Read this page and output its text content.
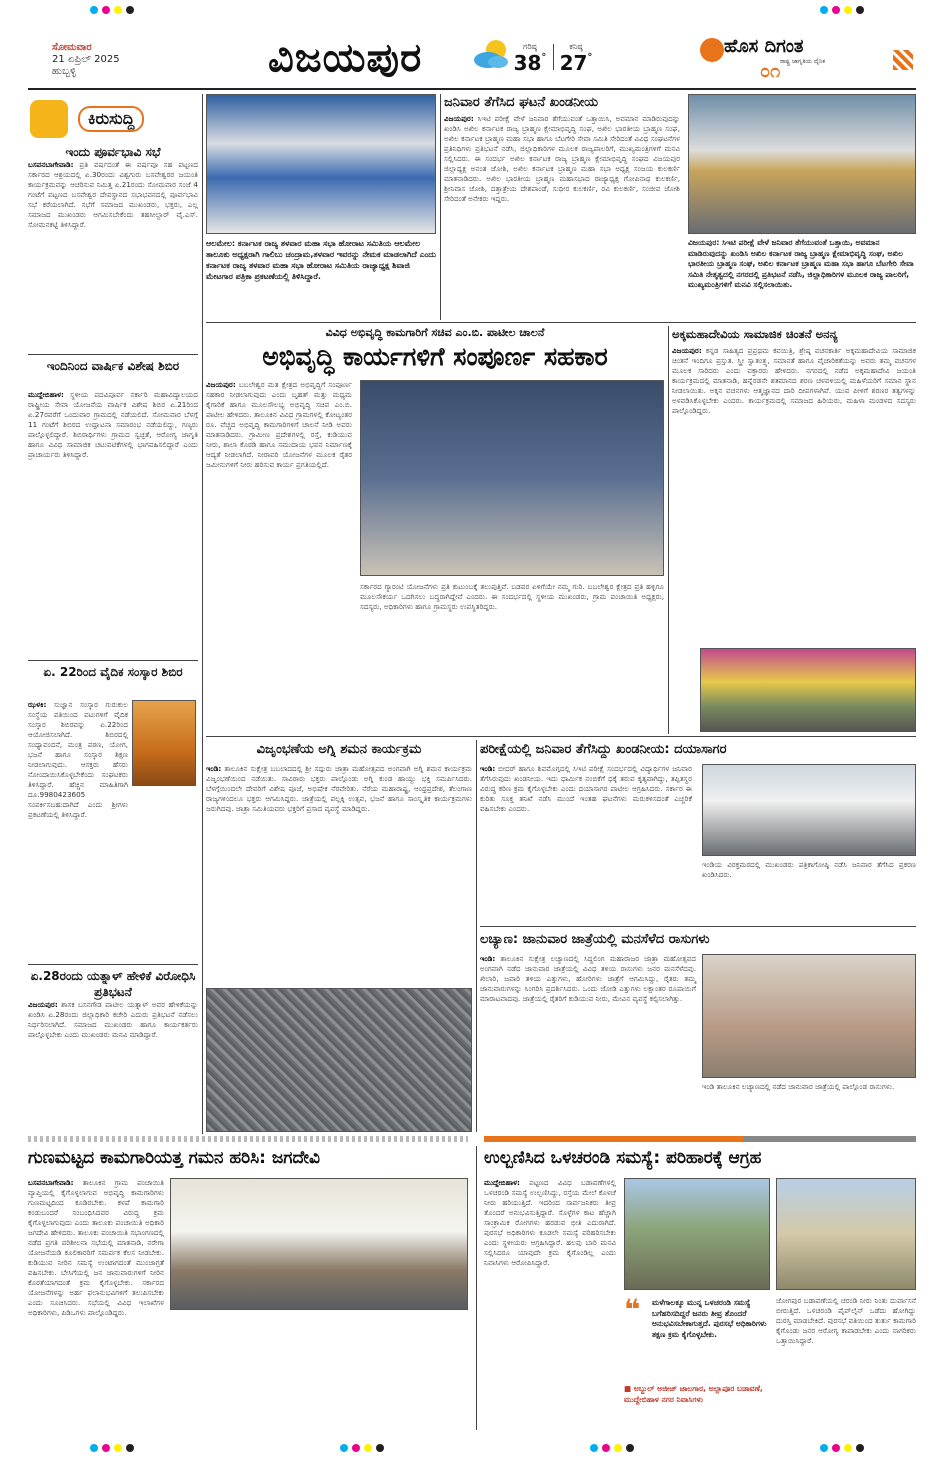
ಸೋಮವಾರ
21 ಏಪ್ರಿಲ್ 2025
ಹುಬ್ಬಳ್ಳಿ	ವಿಜಯಪುರ	ಗರಿಷ್ಠ
38 °
ಕನಿಷ್ಠ
27 °
ಹೊಸ ದಿಗಂತ
ರಾಷ್ಟ್ರ ಜಾಗೃತಿಯ ದೈನಿಕ
೦೧
ಕಿರುಸುದ್ದಿ
ಇಂದು ಪೂರ್ವಭಾವಿ ಸಭೆ
ಬಸವನಬಾಗೇವಾಡಿ: ಪ್ರತಿ ವರ್ಷದಂತೆ ಈ ವರ್ಷವೂ ಸಹ ಪಟ್ಟಣದ ಸರ್ಕಾರದ ಆಶ್ರಯದಲ್ಲಿ ಏ.30ರಂದು ವಿಶ್ವಗುರು ಬಸವೇಶ್ವರರ ಜಯಂತಿ ಕಾರ್ಯಕ್ರಮವನ್ನು ಆಚರಿಸುವ ನಿಮಿತ್ತ ಏ.21ರಂದು ಸೋಮವಾರ ಸಂಜೆ 4 ಗಂಟೆಗೆ ಪಟ್ಟಣದ ಬಸವೇಶ್ವರ ದೇವಸ್ಥಾನದ ಸಭಾಭವನದಲ್ಲಿ ಪೂರ್ವಭಾವಿ ಸಭೆ ಕರೆಯಲಾಗಿದೆ. ಸಭೆಗೆ ಸಮಾಜದ ಮುಖಂಡರು, ಭಕ್ತರು, ಎಲ್ಲ ಸಮಾಜದ ಮುಖಂಡರು ಆಗಮಿಸಬೇಕೆಂದು ತಹಸೀಲ್ದಾರ್ ವೈ.ಎಸ್. ಸೋಮನಕಟ್ಟಿ ತಿಳಿಸಿದ್ದಾರೆ.
ಇಂದಿನಿಂದ ವಾರ್ಷಿಕ ವಿಶೇಷ ಶಿಬಿರ
ಮುದ್ದೇಬಿಹಾಳ: ಸ್ಥಳೀಯ ಪದವಿಪೂರ್ವ ಸರ್ಕಾರಿ ಮಹಾವಿದ್ಯಾಲಯದ ರಾಷ್ಟ್ರೀಯ ಸೇವಾ ಯೋಜನೆಯ ವಾರ್ಷಿಕ ವಿಶೇಷ ಶಿಬಿರ ಏ.21ರಿಂದ ಏ.27ರವರೆಗೆ ಒಂದುವಾರ ಗ್ರಾಮದಲ್ಲಿ ನಡೆಯಲಿದೆ. ಸೋಮವಾರ ಬೆಳಗ್ಗೆ 11 ಗಂಟೆಗೆ ಶಿಬಿರದ ಉದ್ಘಾಟನಾ ಸಮಾರಂಭ ನಡೆಯಲಿದ್ದು, ಗಣ್ಯರು ಪಾಲ್ಗೊಳ್ಳಲಿದ್ದಾರೆ. ಶಿಬಿರಾರ್ಥಿಗಳು ಗ್ರಾಮದ ಸ್ವಚ್ಛತೆ, ಆರೋಗ್ಯ ಜಾಗೃತಿ ಹಾಗೂ ವಿವಿಧ ಸಾಮಾಜಿಕ ಚಟುವಟಿಕೆಗಳಲ್ಲಿ ಭಾಗವಹಿಸಲಿದ್ದಾರೆ ಎಂದು ಪ್ರಾಚಾರ್ಯರು ತಿಳಿಸಿದ್ದಾರೆ.
ಏ. 22ರಿಂದ ವೈದಿಕ ಸಂಸ್ಕಾರ ಶಿಬಿರ
ಝಳಕಿ: ಸುಜ್ಞಾನ ಸಂಸ್ಕಾರ ಗುರುಕುಲ ಸಂಸ್ಥೆಯ ವತಿಯಿಂದ ವಟುಗಳಿಗೆ ವೈದಿಕ ಸಂಸ್ಕಾರ ಶಿಬಿರವನ್ನು ಏ.22ರಿಂದ ಆಯೋಜಿಸಲಾಗಿದೆ. ಶಿಬಿರದಲ್ಲಿ ಸಂಧ್ಯಾವಂದನೆ, ಮಂತ್ರ ಪಠಣ, ಯೋಗ, ಭಜನೆ ಹಾಗೂ ಸಂಸ್ಕಾರ ಶಿಕ್ಷಣ ನೀಡಲಾಗುವುದು. ಆಸಕ್ತರು ಹೆಸರು ನೋಂದಾಯಿಸಿಕೊಳ್ಳಬೇಕೆಂದು ಸಂಘಟಕರು ತಿಳಿಸಿದ್ದಾರೆ. ಹೆಚ್ಚಿನ ಮಾಹಿತಿಗಾಗಿ ದೂ.9980423605 ಸಂಪರ್ಕಿಸಬಹುದಾಗಿದೆ ಎಂದು ಶ್ರೀಗಳು ಪ್ರಕಟಣೆಯಲ್ಲಿ ತಿಳಿಸಿದ್ದಾರೆ.
ಏ.28ರಂದು ಯತ್ನಾಳ್ ಹೇಳಿಕೆ ವಿರೋಧಿಸಿ ಪ್ರತಿಭಟನೆ
ವಿಜಯಪುರ: ಶಾಸಕ ಬಸನಗೌಡ ಪಾಟೀಲ ಯತ್ನಾಳ್ ಅವರ ಹೇಳಿಕೆಯನ್ನು ಖಂಡಿಸಿ ಏ.28ರಂದು ಜಿಲ್ಲಾಧಿಕಾರಿ ಕಚೇರಿ ಎದುರು ಪ್ರತಿಭಟನೆ ನಡೆಸಲು ನಿರ್ಧರಿಸಲಾಗಿದೆ. ಸಮಾಜದ ಮುಖಂಡರು ಹಾಗೂ ಕಾರ್ಯಕರ್ತರು ಪಾಲ್ಗೊಳ್ಳಬೇಕು ಎಂದು ಮುಖಂಡರು ಮನವಿ ಮಾಡಿದ್ದಾರೆ.
ಆಲಮೇಲ: ಕರ್ನಾಟಕ ರಾಜ್ಯ ತಳವಾರ ಮಹಾ ಸಭಾ ಹೋರಾಟ ಸಮಿತಿಯ ಆಲಮೇಲ ತಾಲೂಕು ಅಧ್ಯಕ್ಷರಾಗಿ ಗಾಲಿಬು ಚಂದ್ರಾಮ,ತಳವಾರ ಇವರನ್ನು ನೇಮಕ ಮಾಡಲಾಗಿದೆ ಎಂದು ಕರ್ನಾಟಕ ರಾಜ್ಯ ತಳವಾರ ಮಹಾ ಸಭಾ ಹೋರಾಟ ಸಮಿತಿಯ ರಾಜ್ಯಾಧ್ಯಕ್ಷ ಶಿವಾಜಿ ಮೇಟಗಾರ ಪತ್ರಿಕಾ ಪ್ರಕಟಣೆಯಲ್ಲಿ ತಿಳಿಸಿದ್ದಾರೆ.
ಜನಿವಾರ ತೆಗೆಸಿದ ಘಟನೆ ಖಂಡನೀಯ
ವಿಜಯಪುರ: ಸಿಇಟಿ ಪರೀಕ್ಷೆ ವೇಳೆ ಜನಿವಾರ ತೆಗೆಯುವಂತೆ ಒತ್ತಾಯಿಸಿ, ಅವಮಾನ ಮಾಡಿರುವುದನ್ನು ಖಂಡಿಸಿ ಅಖಿಲ ಕರ್ನಾಟಕ ರಾಜ್ಯ ಬ್ರಾಹ್ಮಣ ಕ್ಷೇಮಾಭಿವೃದ್ಧಿ ಸಂಘ, ಅಖಿಲ ಭಾರತೀಯ ಬ್ರಾಹ್ಮಣ ಸಂಘ, ಅಖಿಲ ಕರ್ನಾಟಕ ಬ್ರಾಹ್ಮಣ ಮಹಾ ಸಭಾ ಹಾಗೂ ಬೆಟಗೇರಿ ಸೇವಾ ಸಮಿತಿ ಸೇರಿದಂತೆ ವಿವಿಧ ಸಂಘಟನೆಗಳ ಪ್ರತಿನಿಧಿಗಳು ಪ್ರತಿಭಟನೆ ನಡೆಸಿ, ಜಿಲ್ಲಾಧಿಕಾರಿಗಳ ಮೂಲಕ ರಾಜ್ಯಪಾಲರಿಗೆ, ಮುಖ್ಯಮಂತ್ರಿಗಳಿಗೆ ಮನವಿ ಸಲ್ಲಿಸಿದರು. ಈ ಸಂದರ್ಭ ಅಖಿಲ ಕರ್ನಾಟಕ ರಾಜ್ಯ ಬ್ರಾಹ್ಮಣ ಕ್ಷೇಮಾಭಿವೃದ್ಧಿ ಸಂಘದ ವಿಜಯಪುರ ಜಿಲ್ಲಾಧ್ಯಕ್ಷ ಅನಂತ ಜೋಶಿ, ಅಖಿಲ ಕರ್ನಾಟಕ ಬ್ರಾಹ್ಮಣ ಮಹಾ ಸಭಾ ಅಧ್ಯಕ್ಷ ಸಂಜಯ ಕುಲಕರ್ಣಿ ಮಾತನಾಡಿದರು. ಅಖಿಲ ಭಾರತೀಯ ಬ್ರಾಹ್ಮಣ ಮಹಾಸಭಾದ ರಾಜ್ಯಾಧ್ಯಕ್ಷ ಗೋಪಿನಾಥ ಕುಲಕರ್ಣಿ, ಶ್ರೀನಿವಾಸ ಜೋಶಿ, ದತ್ತಾತ್ರೇಯ ದೇಶಪಾಂಡೆ, ಸುಧೀರ ಕುಲಕರ್ಣಿ, ರವಿ ಕುಲಕರ್ಣಿ, ಸಂಜೀವ ಜೋಶಿ ಸೇರಿದಂತೆ ಅನೇಕರು ಇದ್ದರು.
ವಿಜಯಪುರ: ಸಿಇಟಿ ಪರೀಕ್ಷೆ ವೇಳೆ ಜನಿವಾರ ತೆಗೆಯುವಂತೆ ಒತ್ತಾಯಿ, ಅವಮಾನ ಮಾಡಿರುವುದನ್ನು ಖಂಡಿಸಿ ಅಖಿಲ ಕರ್ನಾಟಕ ರಾಜ್ಯ ಬ್ರಾಹ್ಮಣ ಕ್ಷೇಮಾಭಿವೃದ್ಧಿ ಸಂಘ, ಅಖಿಲ ಭಾರತೀಯ ಬ್ರಾಹ್ಮಣ ಸಂಘ, ಅಖಿಲ ಕರ್ನಾಟಕ ಬ್ರಾಹ್ಮಣ ಮಹಾ ಸಭಾ ಹಾಗೂ ಬೆಟಗೇರಿ ಸೇವಾ ಸಮಿತಿ ನೇತೃತ್ವದಲ್ಲಿ ನಗರದಲ್ಲಿ ಪ್ರತಿಭಟನೆ ನಡೆಸಿ, ಜಿಲ್ಲಾಧಿಕಾರಿಗಳ ಮೂಲಕ ರಾಜ್ಯ ಪಾಲರಿಗೆ, ಮುಖ್ಯಮಂತ್ರಿಗಳಿಗೆ ಮನವಿ ಸಲ್ಲಿಸಲಾಯಿತು.
ವಿವಿಧ ಅಭಿವೃದ್ಧಿ ಕಾಮಗಾರಿಗೆ ಸಚಿವ ಎಂ.ಬಿ. ಪಾಟೀಲ ಚಾಲನೆ
ಅಭಿವೃದ್ಧಿ ಕಾರ್ಯಗಳಿಗೆ ಸಂಪೂರ್ಣ ಸಹಕಾರ
ವಿಜಯಪುರ: ಬಬಲೇಶ್ವರ ಮತ ಕ್ಷೇತ್ರದ ಅಭಿವೃದ್ಧಿಗೆ ಸಂಪೂರ್ಣ ಸಹಕಾರ ನೀಡಲಾಗುವುದು ಎಂದು ಬೃಹತ್ ಮತ್ತು ಮಧ್ಯಮ ಕೈಗಾರಿಕೆ ಹಾಗೂ ಮೂಲಸೌಲಭ್ಯ ಅಭಿವೃದ್ಧಿ ಸಚಿವ ಎಂ.ಬಿ. ಪಾಟೀಲ ಹೇಳಿದರು. ತಾಲೂಕಿನ ವಿವಿಧ ಗ್ರಾಮಗಳಲ್ಲಿ ಕೋಟ್ಯಂತರ ರೂ. ವೆಚ್ಚದ ಅಭಿವೃದ್ಧಿ ಕಾಮಗಾರಿಗಳಿಗೆ ಚಾಲನೆ ನೀಡಿ ಅವರು ಮಾತನಾಡಿದರು. ಗ್ರಾಮೀಣ ಪ್ರದೇಶಗಳಲ್ಲಿ ರಸ್ತೆ, ಕುಡಿಯುವ ನೀರು, ಶಾಲಾ ಕೊಠಡಿ ಹಾಗೂ ಸಮುದಾಯ ಭವನ ನಿರ್ಮಾಣಕ್ಕೆ ಆದ್ಯತೆ ನೀಡಲಾಗಿದೆ. ನೀರಾವರಿ ಯೋಜನೆಗಳ ಮೂಲಕ ರೈತರ ಜಮೀನುಗಳಿಗೆ ನೀರು ಹರಿಸುವ ಕಾರ್ಯ ಪ್ರಗತಿಯಲ್ಲಿದೆ.
ಸರ್ಕಾರದ ಗ್ಯಾರಂಟಿ ಯೋಜನೆಗಳು ಪ್ರತಿ ಕುಟುಂಬಕ್ಕೆ ತಲುಪುತ್ತಿವೆ. ಬಡವರ ಏಳಿಗೆಯೇ ನಮ್ಮ ಗುರಿ. ಬಬಲೇಶ್ವರ ಕ್ಷೇತ್ರದ ಪ್ರತಿ ಹಳ್ಳಿಗೂ ಮೂಲಸೌಕರ್ಯ ಒದಗಿಸಲು ಬದ್ಧರಾಗಿದ್ದೇವೆ ಎಂದರು. ಈ ಸಂದರ್ಭದಲ್ಲಿ ಸ್ಥಳೀಯ ಮುಖಂಡರು, ಗ್ರಾಮ ಪಂಚಾಯಿತಿ ಅಧ್ಯಕ್ಷರು, ಸದಸ್ಯರು, ಅಧಿಕಾರಿಗಳು ಹಾಗೂ ಗ್ರಾಮಸ್ಥರು ಉಪಸ್ಥಿತರಿದ್ದರು.
ಅಕ್ಕಮಹಾದೇವಿಯ ಸಾಮಾಜಿಕ ಚಿಂತನೆ ಅನನ್ಯ
ವಿಜಯಪುರ: ಕನ್ನಡ ಸಾಹಿತ್ಯದ ಪ್ರಪ್ರಥಮ ಕವಯಿತ್ರಿ, ಶ್ರೇಷ್ಠ ವಚನಕಾರ್ತಿ ಅಕ್ಕಮಹಾದೇವಿಯ ಸಾಮಾಜಿಕ ಚಿಂತನೆ ಇಂದಿಗೂ ಪ್ರಸ್ತುತ. ಸ್ತ್ರೀ ಸ್ವಾತಂತ್ರ್ಯ, ಸಮಾನತೆ ಹಾಗೂ ವೈಚಾರಿಕತೆಯನ್ನು ಅವರು ತಮ್ಮ ವಚನಗಳ ಮೂಲಕ ಸಾರಿದರು ಎಂದು ವಕ್ತಾರರು ಹೇಳಿದರು. ನಗರದಲ್ಲಿ ನಡೆದ ಅಕ್ಕಮಹಾದೇವಿ ಜಯಂತಿ ಕಾರ್ಯಕ್ರಮದಲ್ಲಿ ಮಾತನಾಡಿ, ಹನ್ನೆರಡನೇ ಶತಮಾನದ ಶರಣ ಚಳವಳಿಯಲ್ಲಿ ಮಹಿಳೆಯರಿಗೆ ಸಮಾನ ಸ್ಥಾನ ನೀಡಲಾಯಿತು. ಅಕ್ಕನ ವಚನಗಳು ಆತ್ಮಜ್ಞಾನದ ದಾರಿ ದೀಪಗಳಾಗಿವೆ. ಯುವ ಪೀಳಿಗೆ ಶರಣರ ತತ್ವಗಳನ್ನು ಅಳವಡಿಸಿಕೊಳ್ಳಬೇಕು ಎಂದರು. ಕಾರ್ಯಕ್ರಮದಲ್ಲಿ ಸಮಾಜದ ಹಿರಿಯರು, ಮಹಿಳಾ ಮಂಡಳದ ಸದಸ್ಯರು ಪಾಲ್ಗೊಂಡಿದ್ದರು.
ವಿಜೃಂಭಣೆಯ ಅಗ್ನಿ ಶಮನ ಕಾರ್ಯಕ್ರಮ
ಇಂಡಿ: ತಾಲೂಕಿನ ಸುಕ್ಷೇತ್ರ ಬಬಲಾದದಲ್ಲಿ ಶ್ರೀ ಸದ್ಗುರು ಜಾತ್ರಾ ಮಹೋತ್ಸವದ ಅಂಗವಾಗಿ ಅಗ್ನಿ ಶಮನ ಕಾರ್ಯಕ್ರಮ ವಿಜೃಂಭಣೆಯಿಂದ ನಡೆಯಿತು. ಸಾವಿರಾರು ಭಕ್ತರು ಪಾಲ್ಗೊಂಡು ಅಗ್ನಿ ಕುಂಡ ಹಾಯ್ದು ಭಕ್ತಿ ಸಮರ್ಪಿಸಿದರು. ಬೆಳಗ್ಗೆಯಿಂದಲೇ ದೇವರಿಗೆ ವಿಶೇಷ ಪೂಜೆ, ಅಭಿಷೇಕ ನೆರವೇರಿತು. ನೆರೆಯ ಮಹಾರಾಷ್ಟ್ರ, ಆಂಧ್ರಪ್ರದೇಶ, ತೆಲಂಗಾಣ ರಾಜ್ಯಗಳಿಂದಲೂ ಭಕ್ತರು ಆಗಮಿಸಿದ್ದರು. ಜಾತ್ರೆಯಲ್ಲಿ ಪಲ್ಲಕ್ಕಿ ಉತ್ಸವ, ಭಜನೆ ಹಾಗೂ ಸಾಂಸ್ಕೃತಿಕ ಕಾರ್ಯಕ್ರಮಗಳು ಜರುಗಿದವು. ಜಾತ್ರಾ ಸಮಿತಿಯವರು ಭಕ್ತರಿಗೆ ಪ್ರಸಾದ ವ್ಯವಸ್ಥೆ ಮಾಡಿದ್ದರು.
ಪರೀಕ್ಷೆಯಲ್ಲಿ ಜನಿವಾರ ತೆಗೆಸಿದ್ದು ಖಂಡನೀಯ: ದಯಾಸಾಗರ
ಇಂಡಿ: ಬೀದರ್ ಹಾಗೂ ಶಿವಮೊಗ್ಗದಲ್ಲಿ ಸಿಇಟಿ ಪರೀಕ್ಷೆ ಸಂದರ್ಭದಲ್ಲಿ ವಿದ್ಯಾರ್ಥಿಗಳ ಜನಿವಾರ ತೆಗೆಸಿರುವುದು ಖಂಡನೀಯ. ಇದು ಧಾರ್ಮಿಕ ನಂಬಿಕೆಗೆ ಧಕ್ಕೆ ತರುವ ಕೃತ್ಯವಾಗಿದ್ದು, ತಪ್ಪಿತಸ್ಥರ ವಿರುದ್ಧ ಕಠಿಣ ಕ್ರಮ ಕೈಗೊಳ್ಳಬೇಕು ಎಂದು ದಯಾಸಾಗರ ಪಾಟೀಲ ಆಗ್ರಹಿಸಿದರು. ಸರ್ಕಾರ ಈ ಕುರಿತು ಸೂಕ್ತ ತನಿಖೆ ನಡೆಸಿ ಮುಂದೆ ಇಂತಹ ಘಟನೆಗಳು ಮರುಕಳಿಸದಂತೆ ಎಚ್ಚರಿಕೆ ವಹಿಸಬೇಕು ಎಂದರು.
ಇಂಡಿಯ ವಿರಕ್ತಮಠದಲ್ಲಿ ಮುಖಂಡರು ಪತ್ರಿಕಾಗೋಷ್ಠಿ ನಡೆಸಿ ಜನಿವಾರ ತೆಗೆಸಿದ ಪ್ರಕರಣ ಖಂಡಿಸಿದರು.
ಲಚ್ಯಾಣ: ಜಾನುವಾರ ಜಾತ್ರೆಯಲ್ಲಿ ಮನಸೆಳೆದ ರಾಸುಗಳು
ಇಂಡಿ: ತಾಲೂಕಿನ ಸುಕ್ಷೇತ್ರ ಲಚ್ಯಾಣದಲ್ಲಿ ಸಿದ್ಧಲಿಂಗ ಮಹಾರಾಜರ ಜಾತ್ರಾ ಮಹೋತ್ಸವದ ಅಂಗವಾಗಿ ನಡೆದ ಜಾನುವಾರ ಜಾತ್ರೆಯಲ್ಲಿ ವಿವಿಧ ತಳಿಯ ರಾಸುಗಳು ಜನರ ಮನಸೆಳೆದವು. ಖಿಲಾರಿ, ಜವಾರಿ ತಳಿಯ ಎತ್ತುಗಳು, ಹೋರಿಗಳು ಜಾತ್ರೆಗೆ ಆಗಮಿಸಿದ್ದು, ರೈತರು ತಮ್ಮ ಜಾನುವಾರುಗಳನ್ನು ಸಿಂಗರಿಸಿ ಪ್ರದರ್ಶಿಸಿದರು. ಒಂದು ಜೋಡಿ ಎತ್ತುಗಳು ಲಕ್ಷಾಂತರ ರೂಪಾಯಿಗೆ ಮಾರಾಟವಾದವು. ಜಾತ್ರೆಯಲ್ಲಿ ರೈತರಿಗೆ ಕುಡಿಯುವ ನೀರು, ಮೇವಿನ ವ್ಯವಸ್ಥೆ ಕಲ್ಪಿಸಲಾಗಿತ್ತು.
ಇಂಡಿ ತಾಲೂಕಿನ ಲಚ್ಯಾಣದಲ್ಲಿ ನಡೆದ ಜಾನುವಾರ ಜಾತ್ರೆಯಲ್ಲಿ ಪಾಲ್ಗೊಂಡ ರಾಸುಗಳು.
ಗುಣಮಟ್ಟದ ಕಾಮಗಾರಿಯತ್ತ ಗಮನ ಹರಿಸಿ: ಜಗದೇವಿ
ಬಸವನಬಾಗೇವಾಡಿ: ತಾಲೂಕಿನ ಗ್ರಾಮ ಪಂಚಾಯಿತಿ ವ್ಯಾಪ್ತಿಯಲ್ಲಿ ಕೈಗೊಳ್ಳಲಾಗುವ ಅಭಿವೃದ್ಧಿ ಕಾಮಗಾರಿಗಳು ಗುಣಮಟ್ಟದಿಂದ ಕೂಡಿರಬೇಕು. ಕಳಪೆ ಕಾಮಗಾರಿ ಕಂಡುಬಂದರೆ ಸಂಬಂಧಿಸಿದವರ ವಿರುದ್ಧ ಕ್ರಮ ಕೈಗೊಳ್ಳಲಾಗುವುದು ಎಂದು ತಾಲೂಕು ಪಂಚಾಯಿತಿ ಅಧಿಕಾರಿ ಜಗದೇವಿ ಹೇಳಿದರು. ತಾಲೂಕು ಪಂಚಾಯಿತಿ ಸಭಾಂಗಣದಲ್ಲಿ ನಡೆದ ಪ್ರಗತಿ ಪರಿಶೀಲನಾ ಸಭೆಯಲ್ಲಿ ಮಾತನಾಡಿ, ನರೇಗಾ ಯೋಜನೆಯಡಿ ಕೂಲಿಕಾರರಿಗೆ ಸಮರ್ಪಕ ಕೆಲಸ ನೀಡಬೇಕು. ಕುಡಿಯುವ ನೀರಿನ ಸಮಸ್ಯೆ ಉಂಟಾಗದಂತೆ ಮುಂಜಾಗ್ರತೆ ವಹಿಸಬೇಕು. ಬೇಸಿಗೆಯಲ್ಲಿ ಜನ ಜಾನುವಾರುಗಳಿಗೆ ನೀರಿನ ಕೊರತೆಯಾಗದಂತೆ ಕ್ರಮ ಕೈಗೊಳ್ಳಬೇಕು. ಸರ್ಕಾರದ ಯೋಜನೆಗಳನ್ನು ಅರ್ಹ ಫಲಾನುಭವಿಗಳಿಗೆ ತಲುಪಿಸಬೇಕು ಎಂದು ಸೂಚಿಸಿದರು. ಸಭೆಯಲ್ಲಿ ವಿವಿಧ ಇಲಾಖೆಗಳ ಅಧಿಕಾರಿಗಳು, ಪಿಡಿಒಗಳು ಪಾಲ್ಗೊಂಡಿದ್ದರು.
ಉಲ್ಬಣಿಸಿದ ಒಳಚರಂಡಿ ಸಮಸ್ಯೆ: ಪರಿಹಾರಕ್ಕೆ ಆಗ್ರಹ
ಮುದ್ದೇಬಿಹಾಳ: ಪಟ್ಟಣದ ವಿವಿಧ ಬಡಾವಣೆಗಳಲ್ಲಿ ಒಳಚರಂಡಿ ಸಮಸ್ಯೆ ಉಲ್ಬಣಿಸಿದ್ದು, ರಸ್ತೆಯ ಮೇಲೆ ಕೊಳಚೆ ನೀರು ಹರಿಯುತ್ತಿದೆ. ಇದರಿಂದ ಸಾರ್ವಜನಿಕರು ತೀವ್ರ ತೊಂದರೆ ಅನುಭವಿಸುತ್ತಿದ್ದಾರೆ. ಸೊಳ್ಳೆಗಳ ಕಾಟ ಹೆಚ್ಚಾಗಿ ಸಾಂಕ್ರಾಮಿಕ ರೋಗಗಳು ಹರಡುವ ಭೀತಿ ಎದುರಾಗಿದೆ. ಪುರಸಭೆ ಅಧಿಕಾರಿಗಳು ಕೂಡಲೇ ಸಮಸ್ಯೆ ಪರಿಹರಿಸಬೇಕು ಎಂದು ಸ್ಥಳೀಯರು ಆಗ್ರಹಿಸಿದ್ದಾರೆ. ಹಲವು ಬಾರಿ ಮನವಿ ಸಲ್ಲಿಸಿದರೂ ಯಾವುದೇ ಕ್ರಮ ಕೈಗೊಂಡಿಲ್ಲ ಎಂದು ನಿವಾಸಿಗಳು ಆರೋಪಿಸಿದ್ದಾರೆ.
❝ ಮಳೆಗಾಲಕ್ಕೂ ಮುನ್ನ ಒಳಚರಂಡಿ ಸಮಸ್ಯೆ ಬಗೆಹರಿಸದಿದ್ದರೆ ಜನರು ತೀವ್ರ ತೊಂದರೆ ಅನುಭವಿಸಬೇಕಾಗುತ್ತದೆ. ಪುರಸಭೆ ಅಧಿಕಾರಿಗಳು ತಕ್ಷಣ ಕ್ರಮ ಕೈಗೊಳ್ಳಬೇಕು.
■ ಅಬ್ದುಲ್ ಅಜೀಜ್ ಜಾಲಗಾರ, ಅಲ್ಲಾಪೂರ ಬಡಾವಣೆ, ಮುದ್ದೇಬಿಹಾಳ ನಗರ ನಿವಾಸಿಗಳು
ಜೋಗಪುರ ಬಡಾವಣೆಯಲ್ಲಿ ಚರಂಡಿ ನೀರು ನಿಂತು ದುರ್ವಾಸನೆ ಬೀರುತ್ತಿದೆ. ಒಳಚರಂಡಿ ಪೈಪ್‌ಲೈನ್ ಒಡೆದು ಹೋಗಿದ್ದು ದುರಸ್ತಿ ಮಾಡಬೇಕಿದೆ. ಪುರಸಭೆ ವತಿಯಿಂದ ತುರ್ತು ಕಾಮಗಾರಿ ಕೈಗೊಂಡು ಜನರ ಆರೋಗ್ಯ ಕಾಪಾಡಬೇಕು ಎಂದು ನಾಗರಿಕರು ಒತ್ತಾಯಿಸಿದ್ದಾರೆ.
